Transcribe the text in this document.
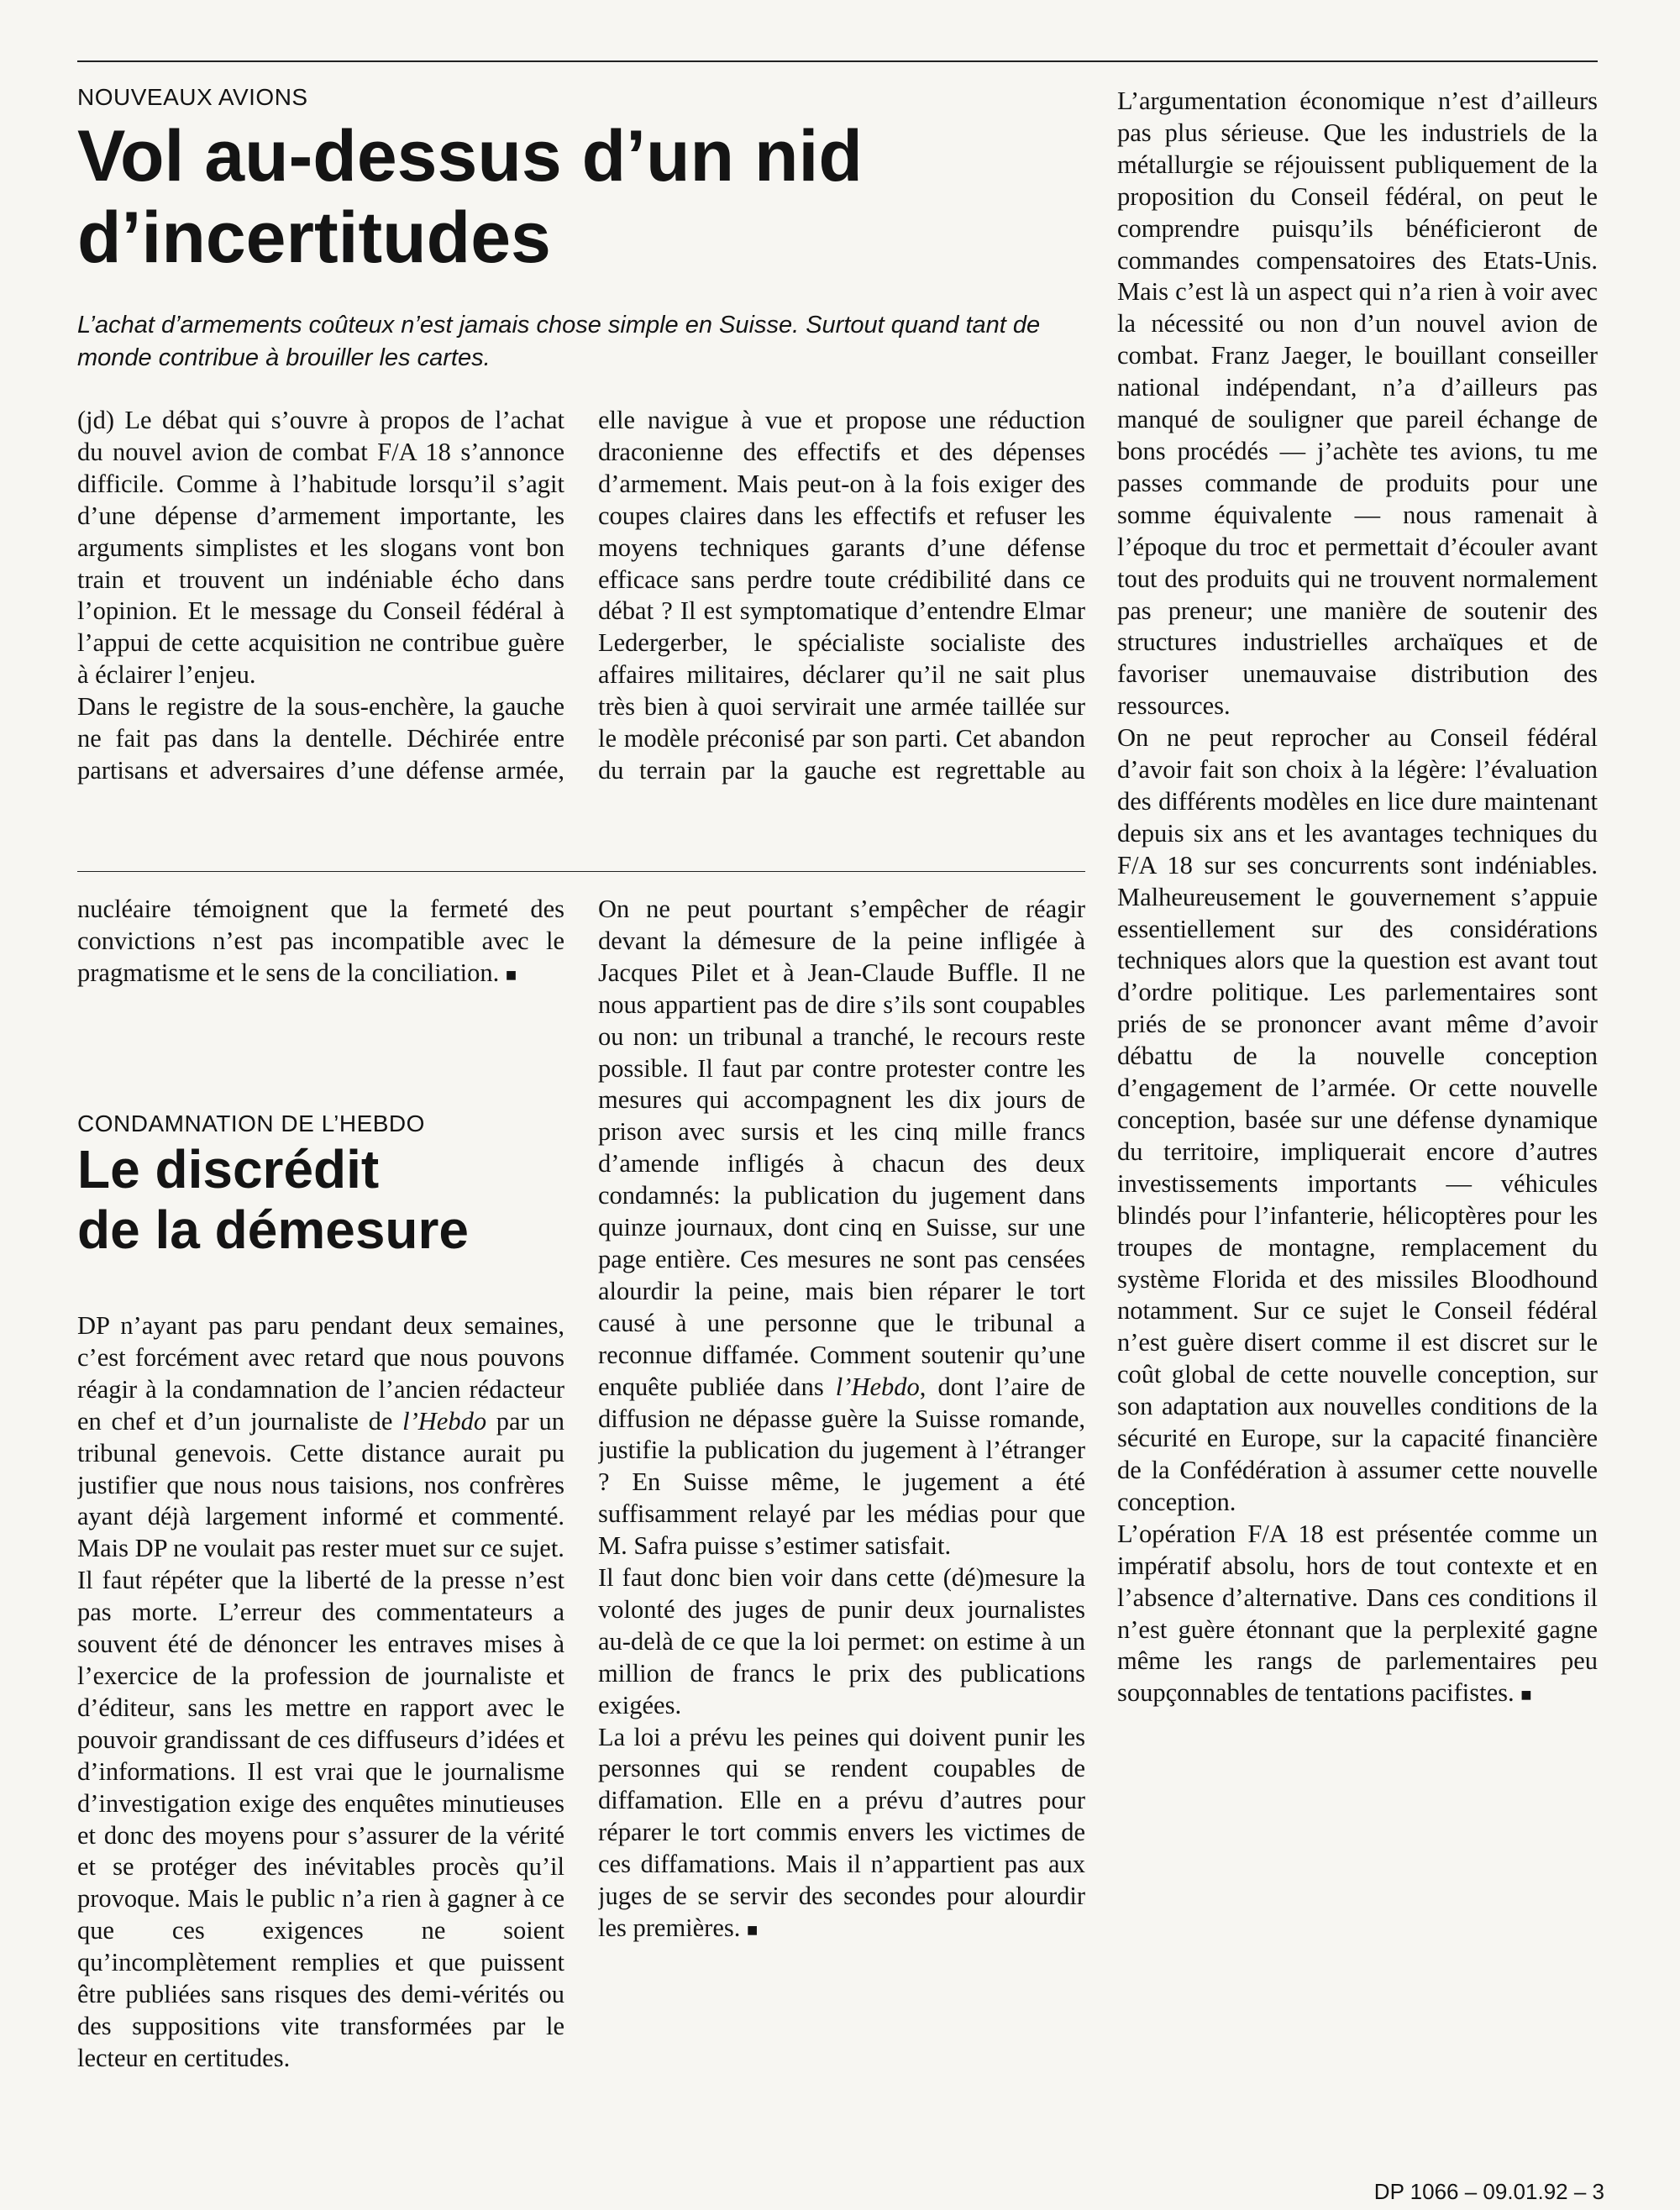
NOUVEAUX AVIONS
Vol au-dessus d’un nid
d’incertitudes

L’achat d’armements coûteux n’est jamais chose simple en Suisse. Surtout quand tant de monde contribue à brouiller les cartes.

(jd) Le débat qui s’ouvre à propos de l’achat du nouvel avion de combat F/A 18 s’annonce difficile. Comme à l’habitude lorsqu’il s’agit d’une dépense d’armement importante, les arguments simplistes et les slogans vont bon train et trouvent un indéniable écho dans l’opinion. Et le message du Conseil fédéral à l’appui de cette acquisition ne contribue guère à éclairer l’enjeu.

Dans le registre de la sous-enchère, la gauche ne fait pas dans la dentelle. Déchirée entre partisans et adversaires d’une défense armée, elle navigue à vue et propose une réduction draconienne des effectifs et des dépenses d’armement. Mais peut-on à la fois exiger des coupes claires dans les effectifs et refuser les moyens techniques garants d’une défense efficace sans perdre toute crédibilité dans ce débat ? Il est symptomatique d’entendre Elmar Ledergerber, le spécialiste socialiste des affaires militaires, déclarer qu’il ne sait plus très bien à quoi servirait une armée taillée sur le modèle préconisé par son parti. Cet abandon du terrain par la gauche est regrettable au

L’argumentation économique n’est d’ailleurs pas plus sérieuse. Que les industriels de la métallurgie se réjouissent publiquement de la proposition du Conseil fédéral, on peut le comprendre puisqu’ils bénéficieront de commandes compensatoires des Etats-Unis. Mais c’est là un aspect qui n’a rien à voir avec la nécessité ou non d’un nouvel avion de combat. Franz Jaeger, le bouillant conseiller national indépendant, n’a d’ailleurs pas manqué de souligner que pareil échange de bons procédés — j’achète tes avions, tu me passes commande de produits pour une somme équivalente — nous ramenait à l’époque du troc et permettait d’écouler avant tout des produits qui ne trouvent normalement pas preneur; une manière de soutenir des structures industrielles archaïques et de favoriser unemauvaise distribution des ressources.

On ne peut reprocher au Conseil fédéral d’avoir fait son choix à la légère: l’évaluation des différents modèles en lice dure maintenant depuis six ans et les avantages techniques du F/A 18 sur ses concurrents sont indéniables. Malheureusement le gouvernement s’appuie essentiellement sur des considérations techniques alors que la question est avant tout d’ordre politique. Les parlementaires sont priés de se prononcer avant même d’avoir débattu de la nouvelle conception d’engagement de l’armée. Or cette nouvelle conception, basée sur une défense dynamique du territoire, impliquerait encore d’autres investissements importants — véhicules blindés pour l’infanterie, hélicoptères pour les troupes de montagne, remplacement du système Florida et des missiles Bloodhound notamment. Sur ce sujet le Conseil fédéral n’est guère disert comme il est discret sur le coût global de cette nouvelle conception, sur son adaptation aux nouvelles conditions de la sécurité en Europe, sur la capacité financière de la Confédération à assumer cette nouvelle conception.

L’opération F/A 18 est présentée comme un impératif absolu, hors de tout contexte et en l’absence d’alternative. Dans ces conditions il n’est guère étonnant que la perplexité gagne même les rangs de parlementaires peu soupçonnables de tentations pacifistes. ■

nucléaire témoignent que la fermeté des convictions n’est pas incompatible avec le pragmatisme et le sens de la conciliation. ■

CONDAMNATION DE L’HEBDO
Le discrédit
de la démesure

DP n’ayant pas paru pendant deux semaines, c’est forcément avec retard que nous pouvons réagir à la condamnation de l’ancien rédacteur en chef et d’un journaliste de l’Hebdo par un tribunal genevois. Cette distance aurait pu justifier que nous nous taisions, nos confrères ayant déjà largement informé et commenté. Mais DP ne voulait pas rester muet sur ce sujet.

Il faut répéter que la liberté de la presse n’est pas morte. L’erreur des commentateurs a souvent été de dénoncer les entraves mises à l’exercice de la profession de journaliste et d’éditeur, sans les mettre en rapport avec le pouvoir grandissant de ces diffuseurs d’idées et d’informations. Il est vrai que le journalisme d’investigation exige des enquêtes minutieuses et donc des moyens pour s’assurer de la vérité et se protéger des inévitables procès qu’il provoque. Mais le public n’a rien à gagner à ce que ces exigences ne soient qu’incomplètement remplies et que puissent être publiées sans risques des demi-vérités ou des suppositions vite transformées par le lecteur en certitudes.

On ne peut pourtant s’empêcher de réagir devant la démesure de la peine infligée à Jacques Pilet et à Jean-Claude Buffle. Il ne nous appartient pas de dire s’ils sont coupables ou non: un tribunal a tranché, le recours reste possible. Il faut par contre protester contre les mesures qui accompagnent les dix jours de prison avec sursis et les cinq mille francs d’amende infligés à chacun des deux condamnés: la publication du jugement dans quinze journaux, dont cinq en Suisse, sur une page entière. Ces mesures ne sont pas censées alourdir la peine, mais bien réparer le tort causé à une personne que le tribunal a reconnue diffamée. Comment soutenir qu’une enquête publiée dans l’Hebdo, dont l’aire de diffusion ne dépasse guère la Suisse romande, justifie la publication du jugement à l’étranger ? En Suisse même, le jugement a été suffisamment relayé par les médias pour que M. Safra puisse s’estimer satisfait.

Il faut donc bien voir dans cette (dé)mesure la volonté des juges de punir deux journalistes au-delà de ce que la loi permet: on estime à un million de francs le prix des publications exigées.

La loi a prévu les peines qui doivent punir les personnes qui se rendent coupables de diffamation. Elle en a prévu d’autres pour réparer le tort commis envers les victimes de ces diffamations. Mais il n’appartient pas aux juges de se servir des secondes pour alourdir les premières. ■

DP 1066 – 09.01.92 – 3
